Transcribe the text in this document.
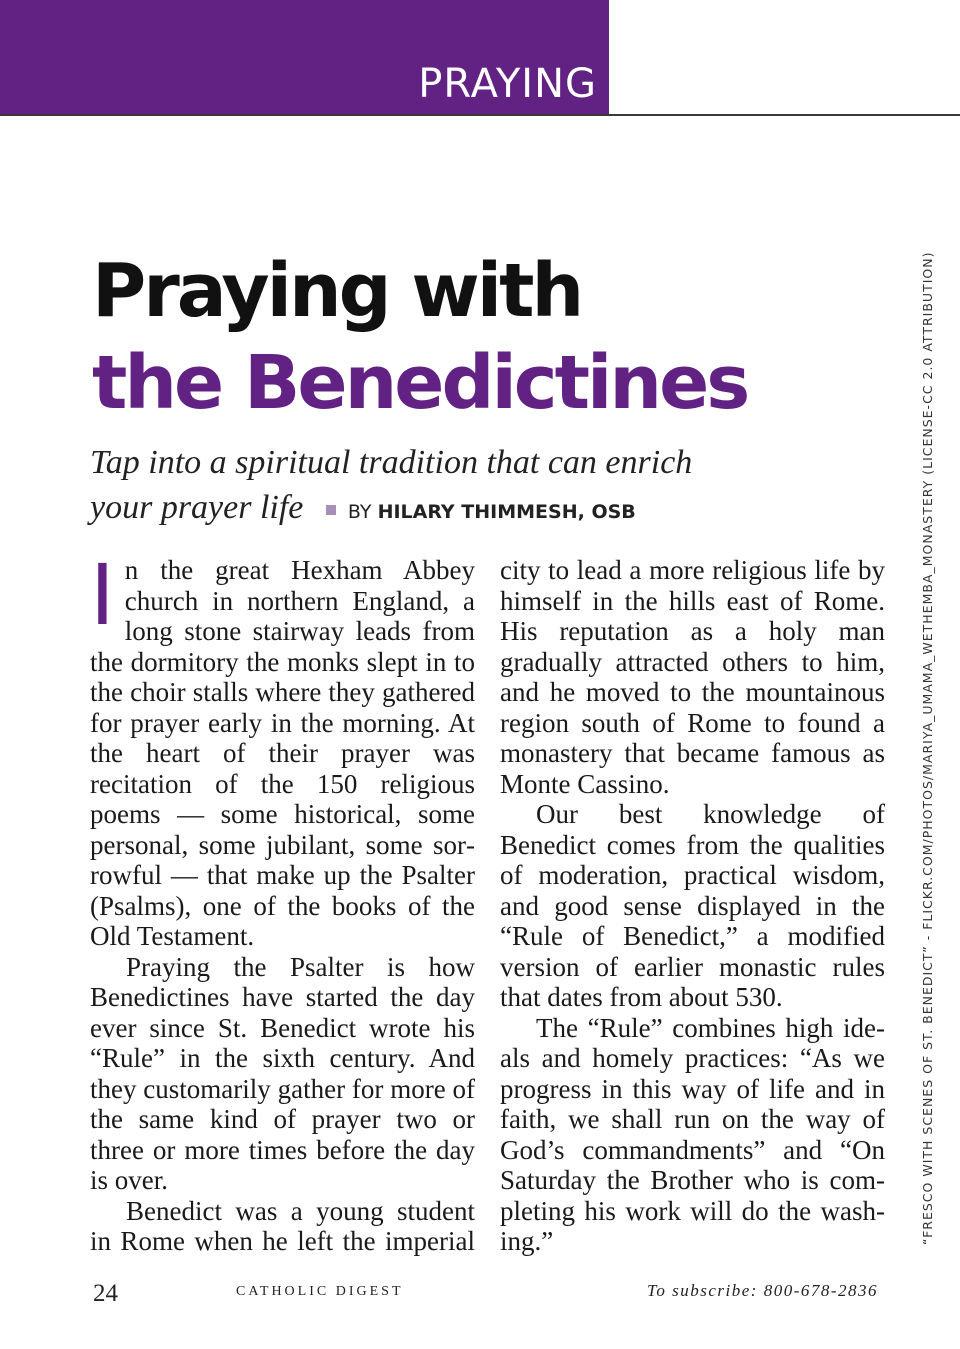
PRAYING
Praying with
the Benedictines
Tap into a spiritual tradition that can enrich your prayer life BY HILARY THIMMESH, OSB

In the great Hexham Abbey church in northern England, a long stone stairway leads from the dormitory the monks slept in to the choir stalls where they gathered for prayer early in the morning. At the heart of their prayer was recitation of the 150 religious poems — some historical, some personal, some jubilant, some sorrowful — that make up the Psalter (Psalms), one of the books of the Old Testament.

Praying the Psalter is how Benedictines have started the day ever since St. Benedict wrote his “Rule” in the sixth century. And they customarily gather for more of the same kind of prayer two or three or more times before the day is over.

Benedict was a young student in Rome when he left the imperial

city to lead a more religious life by himself in the hills east of Rome. His reputation as a holy man gradually attracted others to him, and he moved to the mountainous region south of Rome to found a monastery that became famous as Monte Cassino.

Our best knowledge of Benedict comes from the qualities of moderation, practical wisdom, and good sense displayed in the “Rule of Benedict,” a modified version of earlier monastic rules that dates from about 530.

The “Rule” combines high ideals and homely practices: “As we progress in this way of life and in faith, we shall run on the way of God’s commandments” and “On Saturday the Brother who is completing his work will do the washing.”	“FRESCO WITH SCENES OF ST. BENEDICT” - FLICKR.COM/PHOTOS/MARIYA_UMAMA_WETHEMBA_MONASTERY (LICENSE-CC 2.0 ATTRIBUTION)
24	CATHOLIC DIGEST	To subscribe: 800-678-2836
